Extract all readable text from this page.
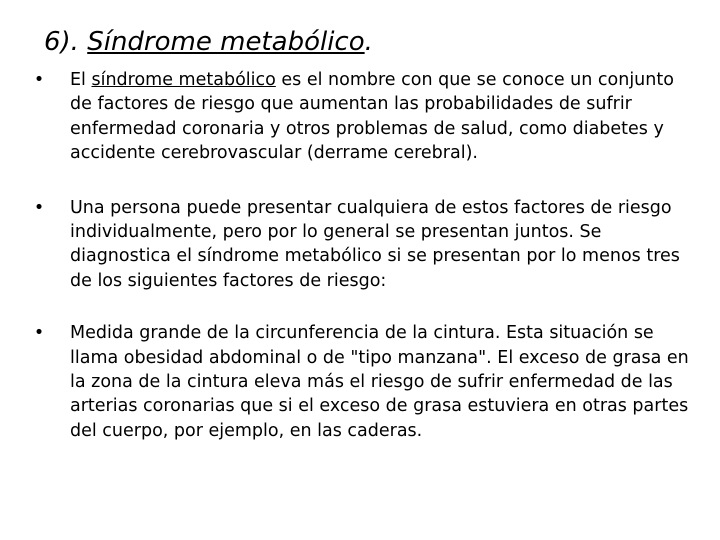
6). Síndrome metabólico.
•	El síndrome metabólico es el nombre con que se conoce un conjunto de factores de riesgo que aumentan las probabilidades de sufrir enfermedad coronaria y otros problemas de salud, como diabetes y accidente cerebrovascular (derrame cerebral).
•	Una persona puede presentar cualquiera de estos factores de riesgo individualmente, pero por lo general se presentan juntos. Se diagnostica el síndrome metabólico si se presentan por lo menos tres de los siguientes factores de riesgo:
•	Medida grande de la circunferencia de la cintura. Esta situación se llama obesidad abdominal o de "tipo manzana". El exceso de grasa en la zona de la cintura eleva más el riesgo de sufrir enfermedad de las arterias coronarias que si el exceso de grasa estuviera en otras partes del cuerpo, por ejemplo, en las caderas.
